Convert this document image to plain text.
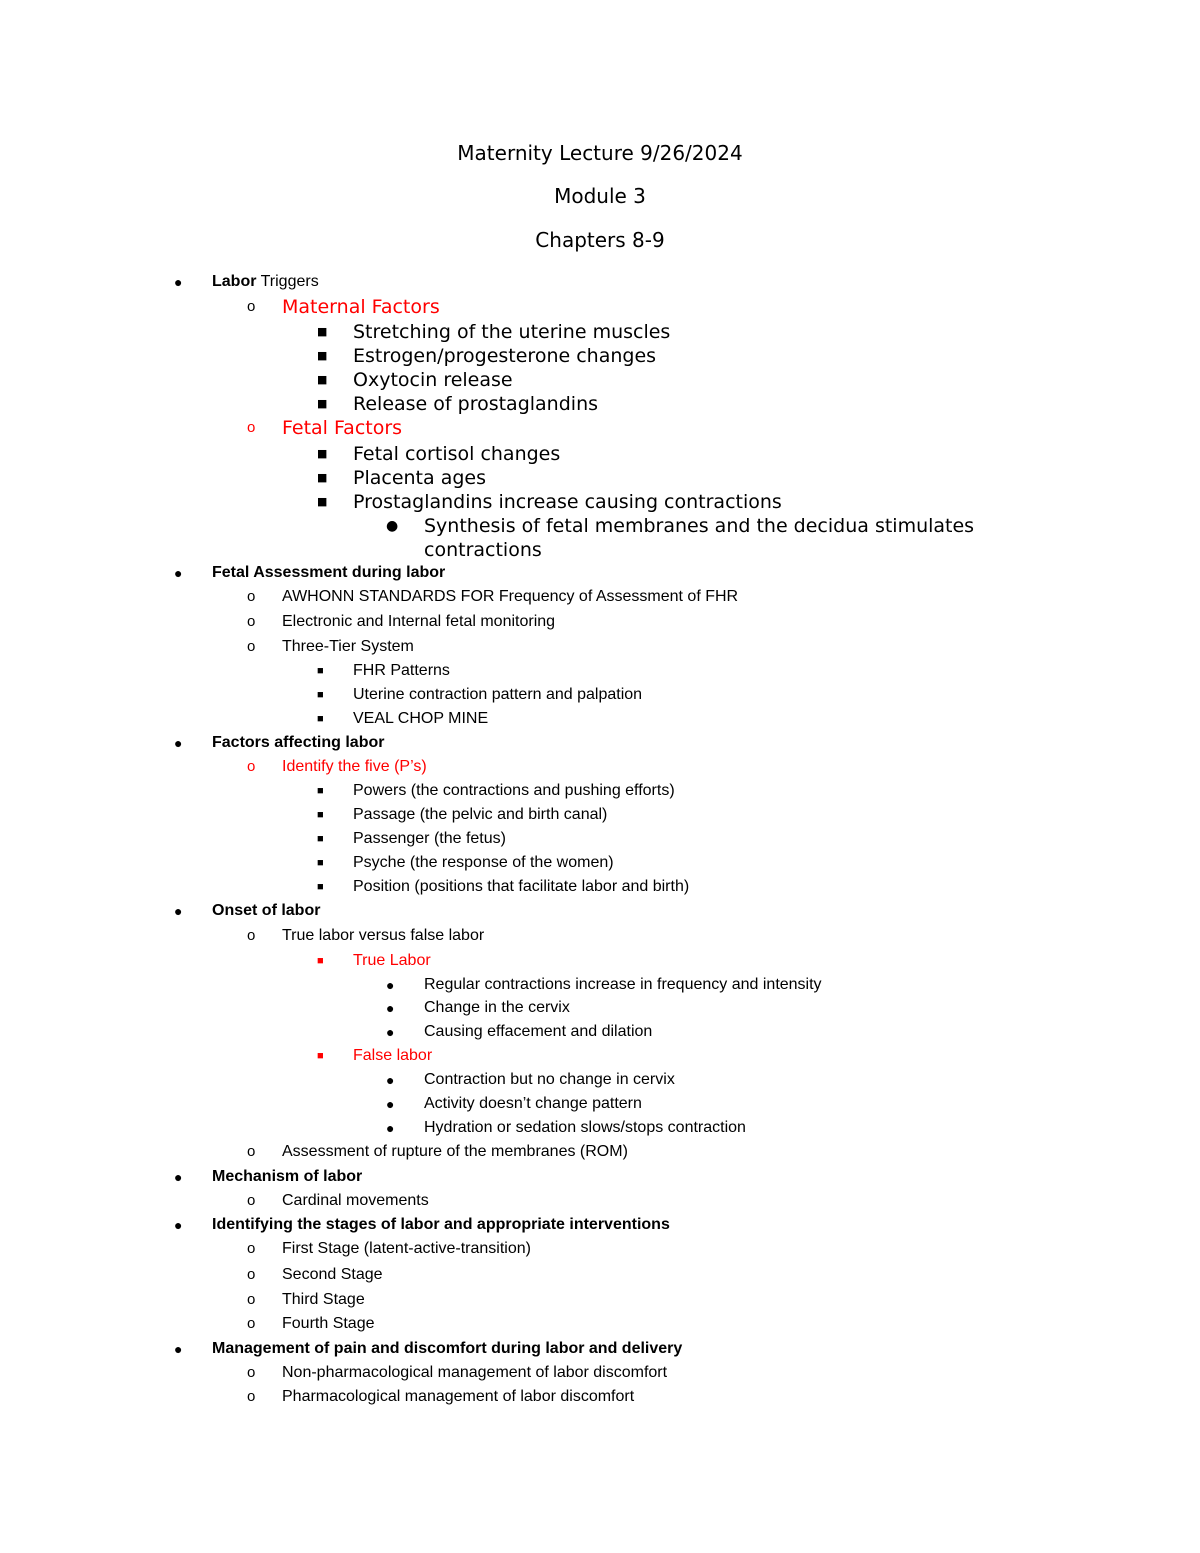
Maternity Lecture 9/26/2024
Module 3
Chapters 8-9
● Labor Triggers
o Maternal Factors
■ Stretching of the uterine muscles
■ Estrogen/progesterone changes
■ Oxytocin release
■ Release of prostaglandins
o Fetal Factors
■ Fetal cortisol changes
■ Placenta ages
■ Prostaglandins increase causing contractions
● Synthesis of fetal membranes and the decidua stimulates
contractions
● Fetal Assessment during labor
o AWHONN STANDARDS FOR Frequency of Assessment of FHR
o Electronic and Internal fetal monitoring
o Three-Tier System
■ FHR Patterns
■ Uterine contraction pattern and palpation
■ VEAL CHOP MINE
● Factors affecting labor
o Identify the five (P’s)
■ Powers (the contractions and pushing efforts)
■ Passage (the pelvic and birth canal)
■ Passenger (the fetus)
■ Psyche (the response of the women)
■ Position (positions that facilitate labor and birth)
● Onset of labor
o True labor versus false labor
■ True Labor
● Regular contractions increase in frequency and intensity
● Change in the cervix
● Causing effacement and dilation
■ False labor
● Contraction but no change in cervix
● Activity doesn’t change pattern
● Hydration or sedation slows/stops contraction
o Assessment of rupture of the membranes (ROM)
● Mechanism of labor
o Cardinal movements
● Identifying the stages of labor and appropriate interventions
o First Stage (latent-active-transition)
o Second Stage
o Third Stage
o Fourth Stage
● Management of pain and discomfort during labor and delivery
o Non-pharmacological management of labor discomfort
o Pharmacological management of labor discomfort
